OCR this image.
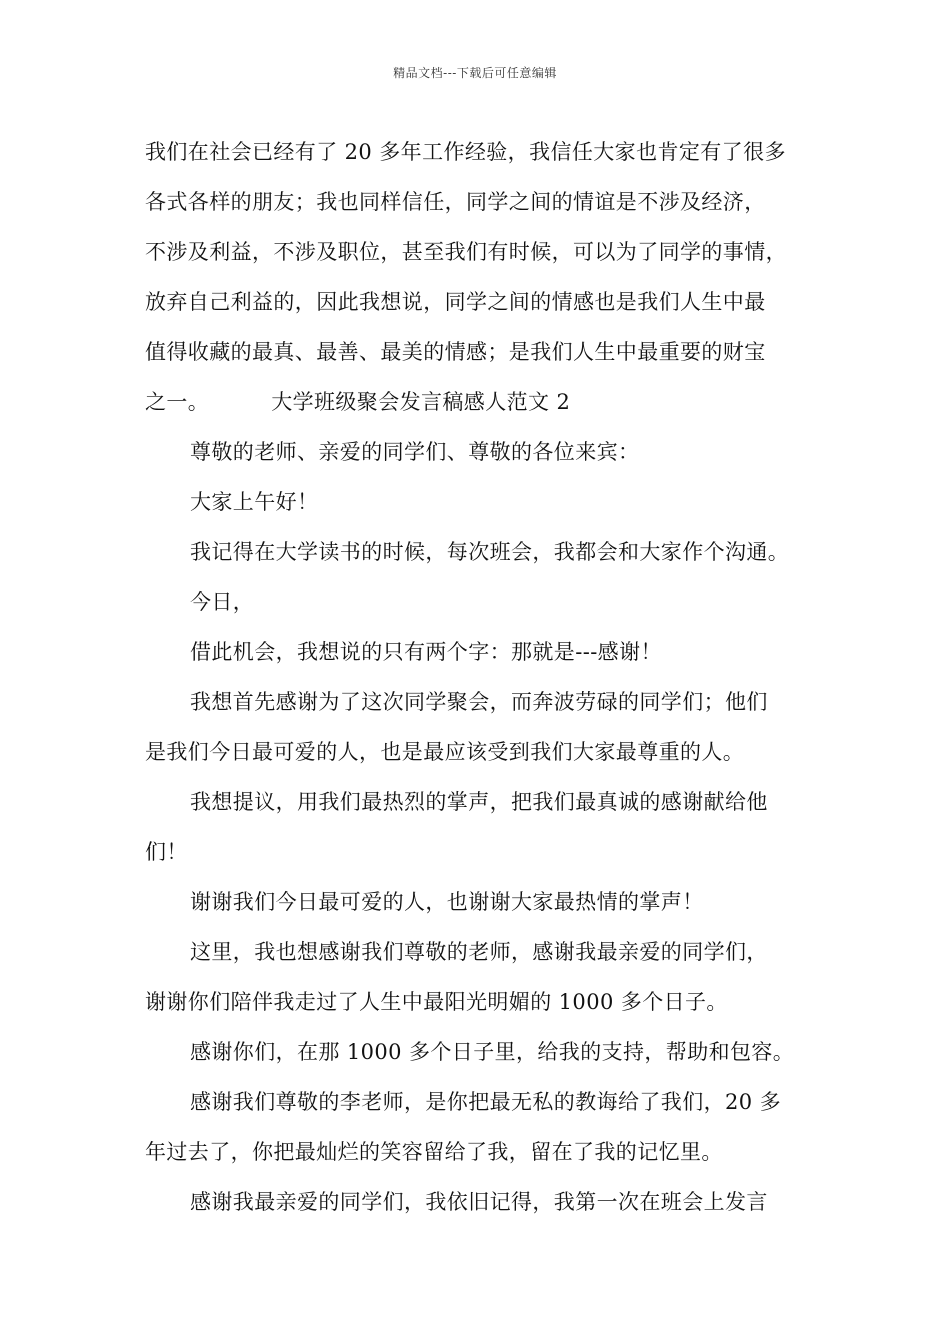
精品文档---下载后可任意编辑
我们在社会已经有了 20 多年工作经验，我信任大家也肯定有了很多
各式各样的朋友；我也同样信任，同学之间的情谊是不涉及经济，
不涉及利益，不涉及职位，甚至我们有时候，可以为了同学的事情，
放弃自己利益的，因此我想说，同学之间的情感也是我们人生中最
值得收藏的最真、最善、最美的情感；是我们人生中最重要的财宝
之一。	大学班级聚会发言稿感人范文 2
尊敬的老师、亲爱的同学们、尊敬的各位来宾：
大家上午好！
我记得在大学读书的时候，每次班会，我都会和大家作个沟通。
今日，
借此机会，我想说的只有两个字：那就是---感谢！
我想首先感谢为了这次同学聚会，而奔波劳碌的同学们；他们
是我们今日最可爱的人，也是最应该受到我们大家最尊重的人。
我想提议，用我们最热烈的掌声，把我们最真诚的感谢献给他
们！
谢谢我们今日最可爱的人，也谢谢大家最热情的掌声！
这里，我也想感谢我们尊敬的老师，感谢我最亲爱的同学们，
谢谢你们陪伴我走过了人生中最阳光明媚的 1000 多个日子。
感谢你们，在那 1000 多个日子里，给我的支持，帮助和包容。
感谢我们尊敬的李老师，是你把最无私的教诲给了我们，20 多
年过去了，你把最灿烂的笑容留给了我，留在了我的记忆里。
感谢我最亲爱的同学们，我依旧记得，我第一次在班会上发言
